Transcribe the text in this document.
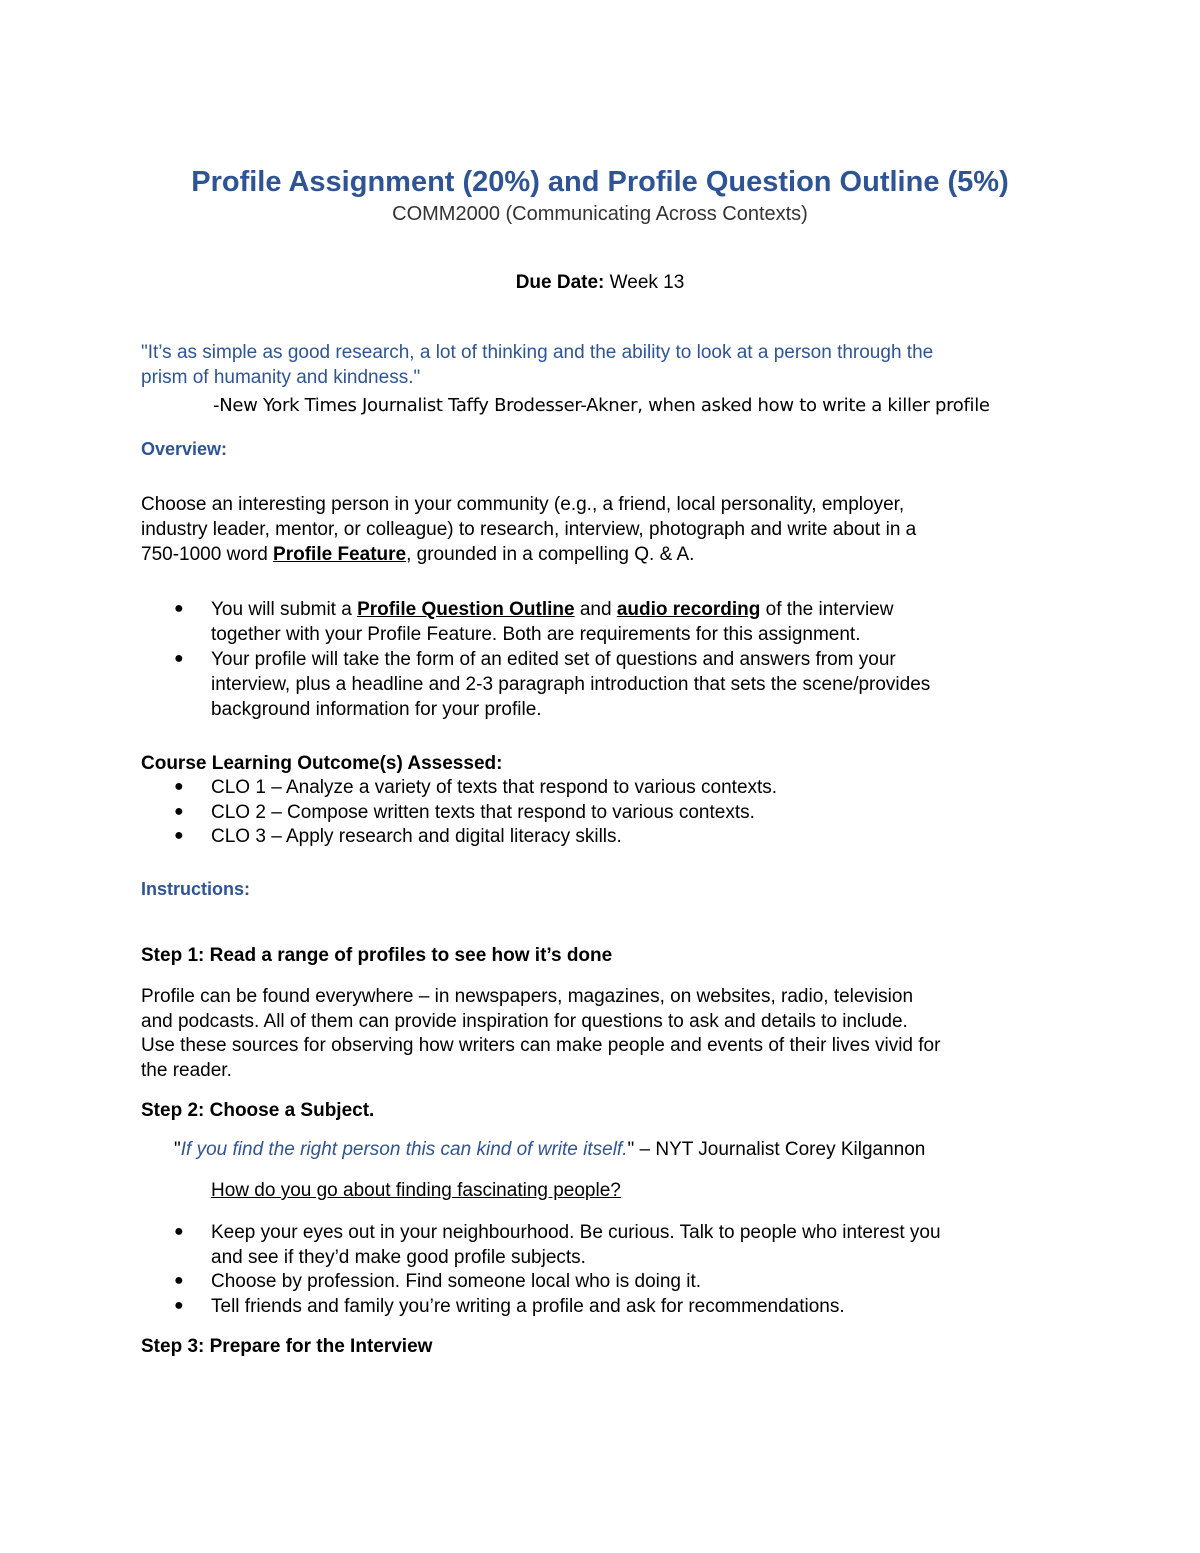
Profile Assignment (20%) and Profile Question Outline (5%)
COMM2000 (Communicating Across Contexts)
Due Date: Week 13
"It’s as simple as good research, a lot of thinking and the ability to look at a person through the
prism of humanity and kindness."
-New York Times Journalist Taffy Brodesser-Akner, when asked how to write a killer profile
Overview:
Choose an interesting person in your community (e.g., a friend, local personality, employer,
industry leader, mentor, or colleague) to research, interview, photograph and write about in a
750-1000 word Profile Feature, grounded in a compelling Q. & A.
● You will submit a Profile Question Outline and audio recording of the interview
together with your Profile Feature. Both are requirements for this assignment.
● Your profile will take the form of an edited set of questions and answers from your
interview, plus a headline and 2-3 paragraph introduction that sets the scene/provides
background information for your profile.
Course Learning Outcome(s) Assessed:
● CLO 1 – Analyze a variety of texts that respond to various contexts.
● CLO 2 – Compose written texts that respond to various contexts.
● CLO 3 – Apply research and digital literacy skills.
Instructions:
Step 1: Read a range of profiles to see how it’s done
Profile can be found everywhere – in newspapers, magazines, on websites, radio, television
and podcasts. All of them can provide inspiration for questions to ask and details to include.
Use these sources for observing how writers can make people and events of their lives vivid for
the reader.
Step 2: Choose a Subject.
"If you find the right person this can kind of write itself." – NYT Journalist Corey Kilgannon
How do you go about finding fascinating people?
● Keep your eyes out in your neighbourhood. Be curious. Talk to people who interest you
and see if they’d make good profile subjects.
● Choose by profession. Find someone local who is doing it.
● Tell friends and family you’re writing a profile and ask for recommendations.
Step 3: Prepare for the Interview
